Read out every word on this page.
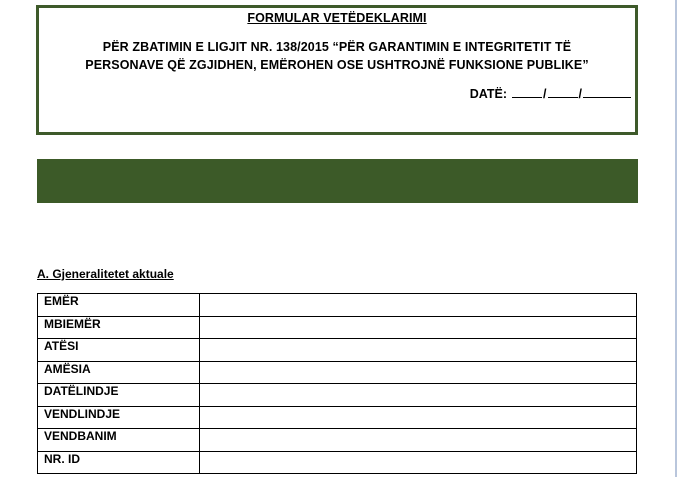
FORMULAR VETËDEKLARIMI
PËR ZBATIMIN E LIGJIT NR. 138/2015 “PËR GARANTIMIN E INTEGRITETIT TË
PERSONAVE QË ZGJIDHEN, EMËROHEN OSE USHTROJNË FUNKSIONE PUBLIKE”
DATË:	/	/
A. Gjeneralitetet aktuale
EMËR	
MBIEMËR	
ATËSI	
AMËSIA	
DATËLINDJE	
VENDLINDJE	
VENDBANIM	
NR. ID	
